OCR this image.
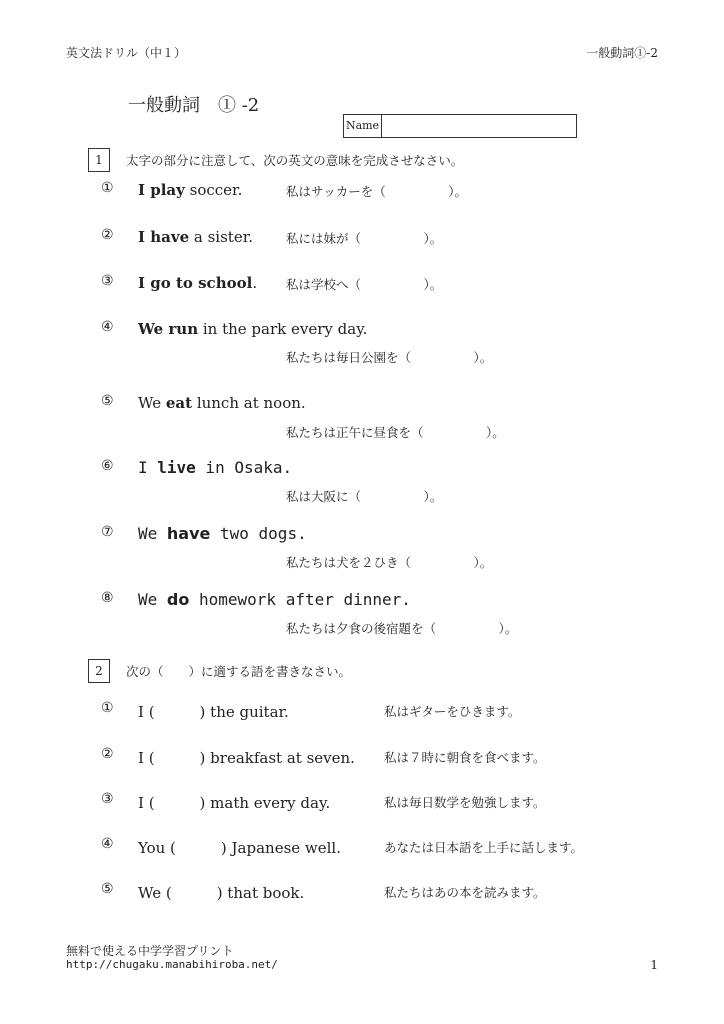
英文法ドリル（中１）	一般動詞①-2
一般動詞　① -2
Name
1	太字の部分に注意して、次の英文の意味を完成させなさい。
① I play soccer.	私はサッカーを（　　　　　）。
② I have a sister.	私には妹が（　　　　　）。
③ I go to school. 私は学校へ（　　　　　）。
④ We run in the park every day.
私たちは毎日公園を（　　　　　）。
⑤ We eat lunch at noon.
私たちは正午に昼食を（　　　　　）。
⑥ I live in Osaka.
私は大阪に（　　　　　）。
⑦ We have two dogs.
私たちは犬を２ひき（　　　　　）。
⑧ We do homework after dinner.
私たちは夕食の後宿題を（　　　　　）。
2	次の（　　）に適する語を書きなさい。
① I (　　　) the guitar.	私はギターをひきます。
② I (　　　) breakfast at seven. 私は７時に朝食を食べます。
③ I (　　　) math every day.	私は毎日数学を勉強します。
④ You (　　　) Japanese well.	あなたは日本語を上手に話します。
⑤ We (　　　) that book.	私たちはあの本を読みます。
無料で使える中学学習プリント
http://chugaku.manabihiroba.net/	1
